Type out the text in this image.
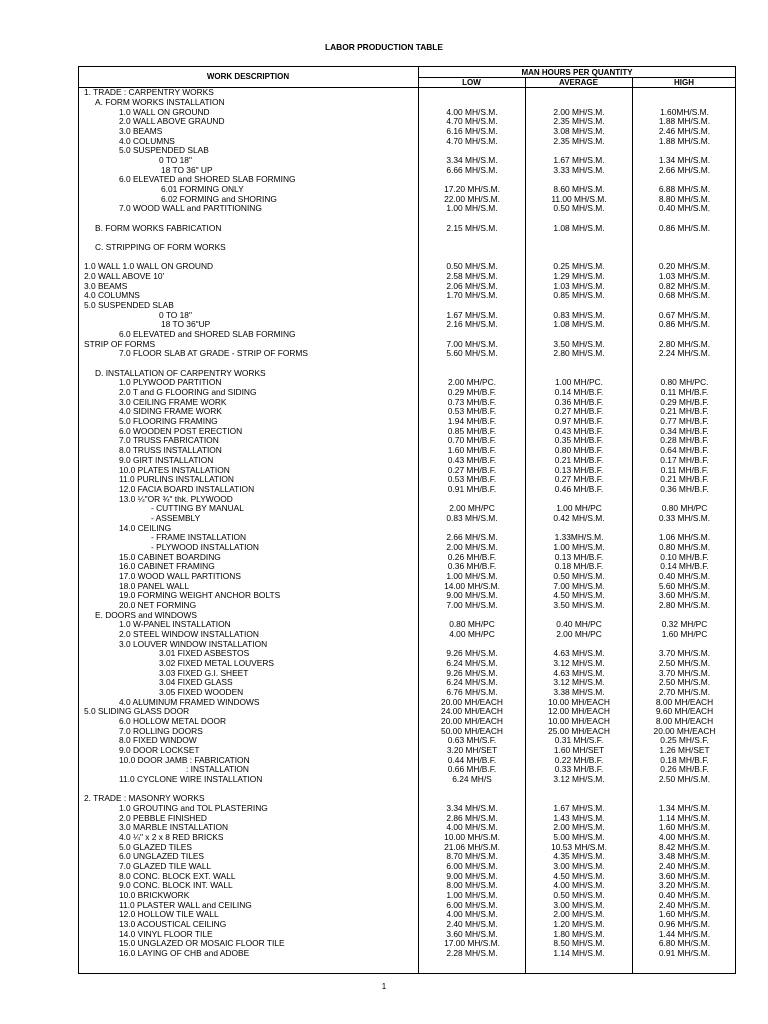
LABOR PRODUCTION TABLE
WORK DESCRIPTION	MAN HOURS PER QUANTITY
LOW	AVERAGE	HIGH
1. TRADE : CARPENTRY WORKS
A. FORM WORKS INSTALLATION
1.0 WALL ON GROUND	4.00 MH/S.M.	2.00 MH/S.M.	1.60MH/S.M.
2.0 WALL ABOVE GRAUND	4.70 MH/S.M.	2.35 MH/S.M.	1.88 MH/S.M.
3.0 BEAMS	6.16 MH/S.M.	3.08 MH/S.M.	2.46 MH/S.M.
4.0 COLUMNS	4.70 MH/S.M.	2.35 MH/S.M.	1.88 MH/S.M.
5.0 SUSPENDED SLAB
0 TO 18"	3.34 MH/S.M.	1.67 MH/S.M.	1.34 MH/S.M.
18 TO 36" UP	6.66 MH/S.M.	3.33 MH/S.M.	2.66 MH/S.M.
6.0 ELEVATED and SHORED SLAB FORMING
6.01 FORMING ONLY	17.20 MH/S.M.	8.60 MH/S.M.	6.88 MH/S.M.
6.02 FORMING and SHORING	22.00 MH/S.M.	11.00 MH/S.M.	8.80 MH/S.M.
7.0 WOOD WALL and PARTITIONING	1.00 MH/S.M.	0.50 MH/S.M.	0.40 MH/S.M.
B. FORM WORKS FABRICATION	2.15 MH/S.M.	1.08 MH/S.M.	0.86 MH/S.M.
C. STRIPPING OF FORM WORKS
1.0 WALL 1.0 WALL ON GROUND	0.50 MH/S.M.	0.25 MH/S.M.	0.20 MH/S.M.
2.0 WALL ABOVE 10'	2.58 MH/S.M.	1.29 MH/S.M.	1.03 MH/S.M.
3.0 BEAMS	2.06 MH/S.M.	1.03 MH/S.M.	0.82 MH/S.M.
4.0 COLUMNS	1.70 MH/S.M.	0.85 MH/S.M.	0.68 MH/S.M.
5.0 SUSPENDED SLAB
0 TO 18"	1.67 MH/S.M.	0.83 MH/S.M.	0.67 MH/S.M.
18 TO 36"UP	2.16 MH/S.M.	1.08 MH/S.M.	0.86 MH/S.M.
6.0 ELEVATED and SHORED SLAB FORMING
STRIP OF FORMS	7.00 MH/S.M.	3.50 MH/S.M.	2.80 MH/S.M.
7.0 FLOOR SLAB AT GRADE - STRIP OF FORMS	5.60 MH/S.M.	2.80 MH/S.M.	2.24 MH/S.M.
D. INSTALLATION OF CARPENTRY WORKS
1.0 PLYWOOD PARTITION	2.00 MH/PC.	1.00 MH/PC.	0.80 MH/PC.
2.0 T and G FLOORING and SIDING	0.29 MH/B.F.	0.14 MH/B.F.	0.11 MH/B.F.
3.0 CEILING FRAME WORK	0.73 MH/B.F.	0.36 MH/B.F.	0.29 MH/B.F.
4.0 SIDING FRAME WORK	0.53 MH/B.F.	0.27 MH/B.F.	0.21 MH/B.F.
5.0 FLOORING FRAMING	1.94 MH/B.F.	0.97 MH/B.F.	0.77 MH/B.F.
6.0 WOODEN POST ERECTION	0.85 MH/B.F.	0.43 MH/B.F.	0.34 MH/B.F.
7.0 TRUSS FABRICATION	0.70 MH/B.F.	0.35 MH/B.F.	0.28 MH/B.F.
8.0 TRUSS INSTALLATION	1.60 MH/B.F.	0.80 MH/B.F.	0.64 MH/B.F.
9.0 GIRT INSTALLATION	0.43 MH/B.F.	0.21 MH/B.F.	0.17 MH/B.F.
10.0 PLATES INSTALLATION	0.27 MH/B.F.	0.13 MH/B.F.	0.11 MH/B.F.
11.0 PURLINS INSTALLATION	0.53 MH/B.F.	0.27 MH/B.F.	0.21 MH/B.F.
12.0 FACIA BOARD INSTALLATION	0.91 MH/B.F.	0.46 MH/B.F.	0.36 MH/B.F.
13.0 ¼"OR ¾" thk. PLYWOOD
- CUTTING BY MANUAL	2.00 MH/PC	1.00 MH/PC	0.80 MH/PC
- ASSEMBLY	0.83 MH/S.M.	0.42 MH/S.M.	0.33 MH/S.M.
14.0 CEILING
- FRAME INSTALLATION	2.66 MH/S.M.	1.33MH/S.M.	1.06 MH/S.M.
- PLYWOOD INSTALLATION	2.00 MH/S.M.	1.00 MH/S.M.	0.80 MH/S.M.
15.0 CABINET BOARDING	0.26 MH/B.F.	0.13 MH/B.F.	0.10 MH/B.F.
16.0 CABINET FRAMING	0.36 MH/B.F.	0.18 MH/B.F.	0.14 MH/B.F.
17.0 WOOD WALL PARTITIONS	1.00 MH/S.M.	0.50 MH/S.M.	0.40 MH/S.M.
18.0 PANEL WALL	14.00 MH/S.M.	7.00 MH/S.M.	5.60 MH/S.M.
19.0 FORMING WEIGHT ANCHOR BOLTS	9.00 MH/S.M.	4.50 MH/S.M.	3.60 MH/S.M.
20.0 NET FORMING	7.00 MH/S.M.	3.50 MH/S.M.	2.80 MH/S.M.
E. DOORS and WINDOWS
1.0 W-PANEL INSTALLATION	0.80 MH/PC	0.40 MH/PC	0.32 MH/PC
2.0 STEEL WINDOW INSTALLATION	4.00 MH/PC	2.00 MH/PC	1.60 MH/PC
3.0 LOUVER WINDOW INSTALLATION
3.01 FIXED ASBESTOS	9.26 MH/S.M.	4.63 MH/S.M.	3.70 MH/S.M.
3.02 FIXED METAL LOUVERS	6.24 MH/S.M.	3.12 MH/S.M.	2.50 MH/S.M.
3.03 FIXED G.I. SHEET	9.26 MH/S.M.	4.63 MH/S.M.	3.70 MH/S.M.
3.04 FIXED GLASS	6.24 MH/S.M.	3.12 MH/S.M.	2.50 MH/S.M.
3.05 FIXED WOODEN	6.76 MH/S.M.	3.38 MH/S.M.	2.70 MH/S.M.
4.0 ALUMINUM FRAMED WINDOWS	20.00 MH/EACH	10.00 MH/EACH	8.00 MH/EACH
5.0 SLIDING GLASS DOOR	24.00 MH/EACH	12.00 MH/EACH	9.60 MH/EACH
6.0 HOLLOW METAL DOOR	20.00 MH/EACH	10.00 MH/EACH	8.00 MH/EACH
7.0 ROLLING DOORS	50.00 MH/EACH	25.00 MH/EACH	20.00 MH/EACH
8.0 FIXED WINDOW	0.63 MH/S.F.	0.31 MH/S.F.	0.25 MH/S.F.
9.0 DOOR LOCKSET	3.20 MH/SET	1.60 MH/SET	1.26 MH/SET
10.0 DOOR JAMB : FABRICATION	0.44 MH/B.F.	0.22 MH/B.F.	0.18 MH/B.F.
: INSTALLATION	0.66 MH/B.F.	0.33 MH/B.F.	0.26 MH/B.F.
11.0 CYCLONE WIRE INSTALLATION	6.24 MH/S	3.12 MH/S.M.	2.50 MH/S.M.
2. TRADE : MASONRY WORKS
1.0 GROUTING and TOL PLASTERING	3.34 MH/S.M.	1.67 MH/S.M.	1.34 MH/S.M.
2.0 PEBBLE FINISHED	2.86 MH/S.M.	1.43 MH/S.M.	1.14 MH/S.M.
3.0 MARBLE INSTALLATION	4.00 MH/S.M.	2.00 MH/S.M.	1.60 MH/S.M.
4.0 ¼" x 2 x 8 RED BRICKS	10.00 MH/S.M.	5.00 MH/S.M.	4.00 MH/S.M.
5.0 GLAZED TILES	21.06 MH/S.M.	10.53 MH/S.M.	8.42 MH/S.M.
6.0 UNGLAZED TILES	8.70 MH/S.M.	4.35 MH/S.M.	3.48 MH/S.M.
7.0 GLAZED TILE WALL	6.00 MH/S.M.	3.00 MH/S.M.	2.40 MH/S.M.
8.0 CONC. BLOCK EXT. WALL	9.00 MH/S.M.	4.50 MH/S.M.	3.60 MH/S.M.
9.0 CONC. BLOCK INT. WALL	8.00 MH/S.M.	4.00 MH/S.M.	3.20 MH/S.M.
10.0 BRICKWORK	1.00 MH/S.M.	0.50 MH/S.M.	0.40 MH/S.M.
11.0 PLASTER WALL and CEILING	6.00 MH/S.M.	3.00 MH/S.M.	2.40 MH/S.M.
12.0 HOLLOW TILE WALL	4.00 MH/S.M.	2.00 MH/S.M.	1.60 MH/S.M.
13.0 ACOUSTICAL CEILING	2.40 MH/S.M.	1.20 MH/S.M.	0.96 MH/S.M.
14.0 VINYL FLOOR TILE	3.60 MH/S.M.	1.80 MH/S.M.	1.44 MH/S.M.
15.0 UNGLAZED OR MOSAIC FLOOR TILE	17.00 MH/S.M.	8.50 MH/S.M.	6.80 MH/S.M.
16.0 LAYING OF CHB and ADOBE	2.28 MH/S.M.	1.14 MH/S.M.	0.91 MH/S.M.
1
